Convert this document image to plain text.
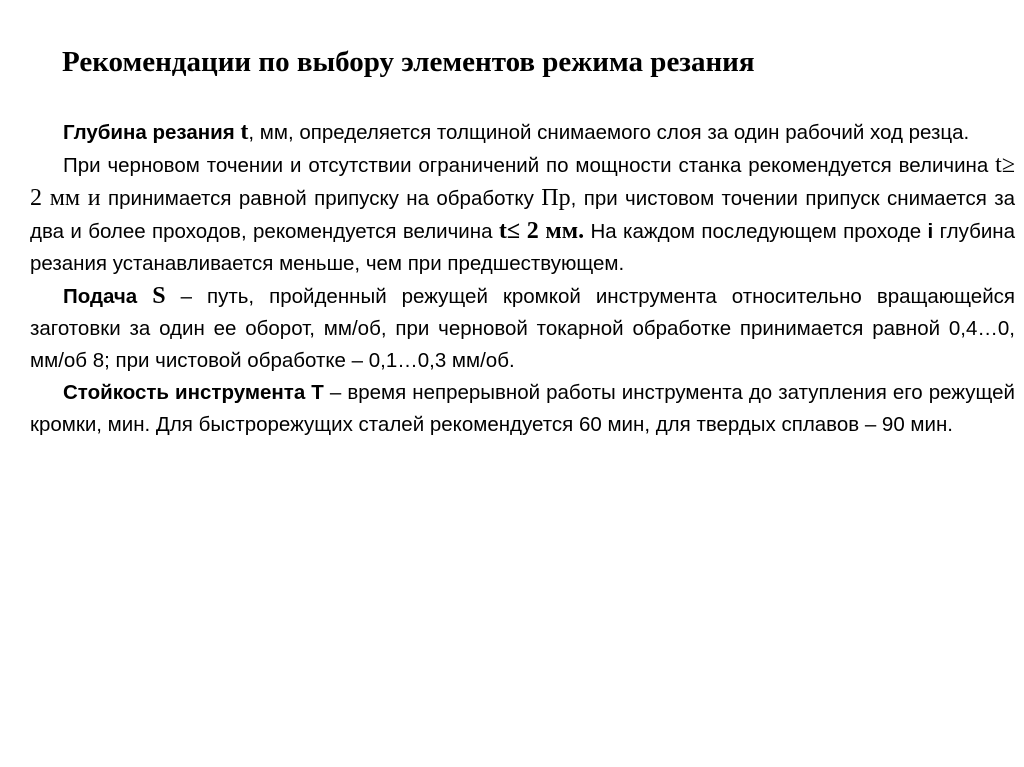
Рекомендации по выбору элементов режима резания

Глубина резания t, мм, определяется толщиной снимаемого слоя за один рабочий ход резца.

При черновом точении и отсутствии ограничений по мощности станка рекомендуется величина t≥ 2 мм и принимается равной припуску на обработку Пр, при чистовом точении припуск снимается за два и более проходов, рекомендуется величина t≤ 2 мм. На каждом последующем проходе i глубина резания устанавливается меньше, чем при предшествующем.

Подача S – путь, пройденный режущей кромкой инструмента относительно вращающейся заготовки за один ее оборот, мм/об, при черновой токарной обработке принимается равной 0,4…0, мм/об 8; при чистовой обработке – 0,1…0,3 мм/об.

Стойкость инструмента Т – время непрерывной работы инструмента до затупления его режущей кромки, мин. Для быстрорежущих сталей рекомендуется 60 мин, для твердых сплавов – 90 мин.
